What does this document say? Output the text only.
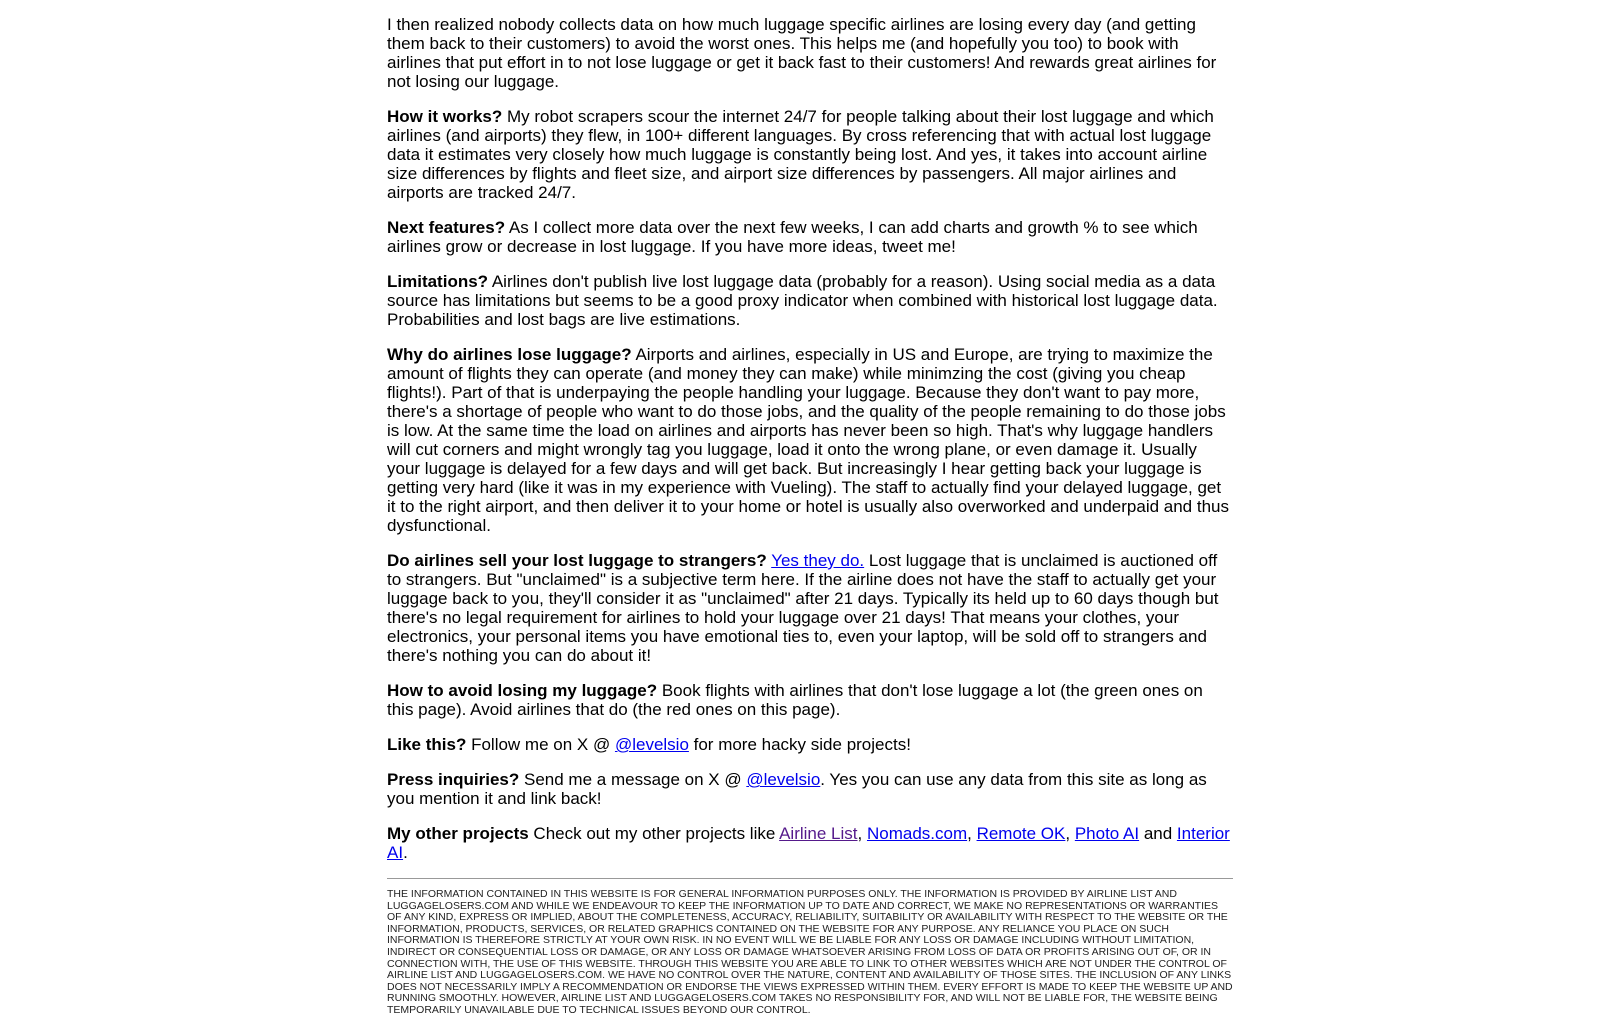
I then realized nobody collects data on how much luggage specific airlines are losing every day (and getting them back to their customers) to avoid the worst ones. This helps me (and hopefully you too) to book with airlines that put effort in to not lose luggage or get it back fast to their customers! And rewards great airlines for not losing our luggage.

How it works? My robot scrapers scour the internet 24/7 for people talking about their lost luggage and which airlines (and airports) they flew, in 100+ different languages. By cross referencing that with actual lost luggage data it estimates very closely how much luggage is constantly being lost. And yes, it takes into account airline size differences by flights and fleet size, and airport size differences by passengers. All major airlines and airports are tracked 24/7.

Next features? As I collect more data over the next few weeks, I can add charts and growth % to see which airlines grow or decrease in lost luggage. If you have more ideas, tweet me!

Limitations? Airlines don't publish live lost luggage data (probably for a reason). Using social media as a data source has limitations but seems to be a good proxy indicator when combined with historical lost luggage data. Probabilities and lost bags are live estimations.

Why do airlines lose luggage? Airports and airlines, especially in US and Europe, are trying to maximize the amount of flights they can operate (and money they can make) while minimzing the cost (giving you cheap flights!). Part of that is underpaying the people handling your luggage. Because they don't want to pay more, there's a shortage of people who want to do those jobs, and the quality of the people remaining to do those jobs is low. At the same time the load on airlines and airports has never been so high. That's why luggage handlers will cut corners and might wrongly tag you luggage, load it onto the wrong plane, or even damage it. Usually your luggage is delayed for a few days and will get back. But increasingly I hear getting back your luggage is getting very hard (like it was in my experience with Vueling). The staff to actually find your delayed luggage, get it to the right airport, and then deliver it to your home or hotel is usually also overworked and underpaid and thus dysfunctional.

Do airlines sell your lost luggage to strangers? Yes they do. Lost luggage that is unclaimed is auctioned off to strangers. But "unclaimed" is a subjective term here. If the airline does not have the staff to actually get your luggage back to you, they'll consider it as "unclaimed" after 21 days. Typically its held up to 60 days though but there's no legal requirement for airlines to hold your luggage over 21 days! That means your clothes, your electronics, your personal items you have emotional ties to, even your laptop, will be sold off to strangers and there's nothing you can do about it!

How to avoid losing my luggage? Book flights with airlines that don't lose luggage a lot (the green ones on this page). Avoid airlines that do (the red ones on this page).

Like this? Follow me on X @ @levelsio for more hacky side projects!

Press inquiries? Send me a message on X @ @levelsio. Yes you can use any data from this site as long as you mention it and link back!

My other projects Check out my other projects like Airline List, Nomads.com, Remote OK, Photo AI and Interior AI.

THE INFORMATION CONTAINED IN THIS WEBSITE IS FOR GENERAL INFORMATION PURPOSES ONLY. THE INFORMATION IS PROVIDED BY AIRLINE LIST AND LUGGAGELOSERS.COM AND WHILE WE ENDEAVOUR TO KEEP THE INFORMATION UP TO DATE AND CORRECT, WE MAKE NO REPRESENTATIONS OR WARRANTIES OF ANY KIND, EXPRESS OR IMPLIED, ABOUT THE COMPLETENESS, ACCURACY, RELIABILITY, SUITABILITY OR AVAILABILITY WITH RESPECT TO THE WEBSITE OR THE INFORMATION, PRODUCTS, SERVICES, OR RELATED GRAPHICS CONTAINED ON THE WEBSITE FOR ANY PURPOSE. ANY RELIANCE YOU PLACE ON SUCH INFORMATION IS THEREFORE STRICTLY AT YOUR OWN RISK. IN NO EVENT WILL WE BE LIABLE FOR ANY LOSS OR DAMAGE INCLUDING WITHOUT LIMITATION, INDIRECT OR CONSEQUENTIAL LOSS OR DAMAGE, OR ANY LOSS OR DAMAGE WHATSOEVER ARISING FROM LOSS OF DATA OR PROFITS ARISING OUT OF, OR IN CONNECTION WITH, THE USE OF THIS WEBSITE. THROUGH THIS WEBSITE YOU ARE ABLE TO LINK TO OTHER WEBSITES WHICH ARE NOT UNDER THE CONTROL OF AIRLINE LIST AND LUGGAGELOSERS.COM. WE HAVE NO CONTROL OVER THE NATURE, CONTENT AND AVAILABILITY OF THOSE SITES. THE INCLUSION OF ANY LINKS DOES NOT NECESSARILY IMPLY A RECOMMENDATION OR ENDORSE THE VIEWS EXPRESSED WITHIN THEM. EVERY EFFORT IS MADE TO KEEP THE WEBSITE UP AND RUNNING SMOOTHLY. HOWEVER, AIRLINE LIST AND LUGGAGELOSERS.COM TAKES NO RESPONSIBILITY FOR, AND WILL NOT BE LIABLE FOR, THE WEBSITE BEING TEMPORARILY UNAVAILABLE DUE TO TECHNICAL ISSUES BEYOND OUR CONTROL.
